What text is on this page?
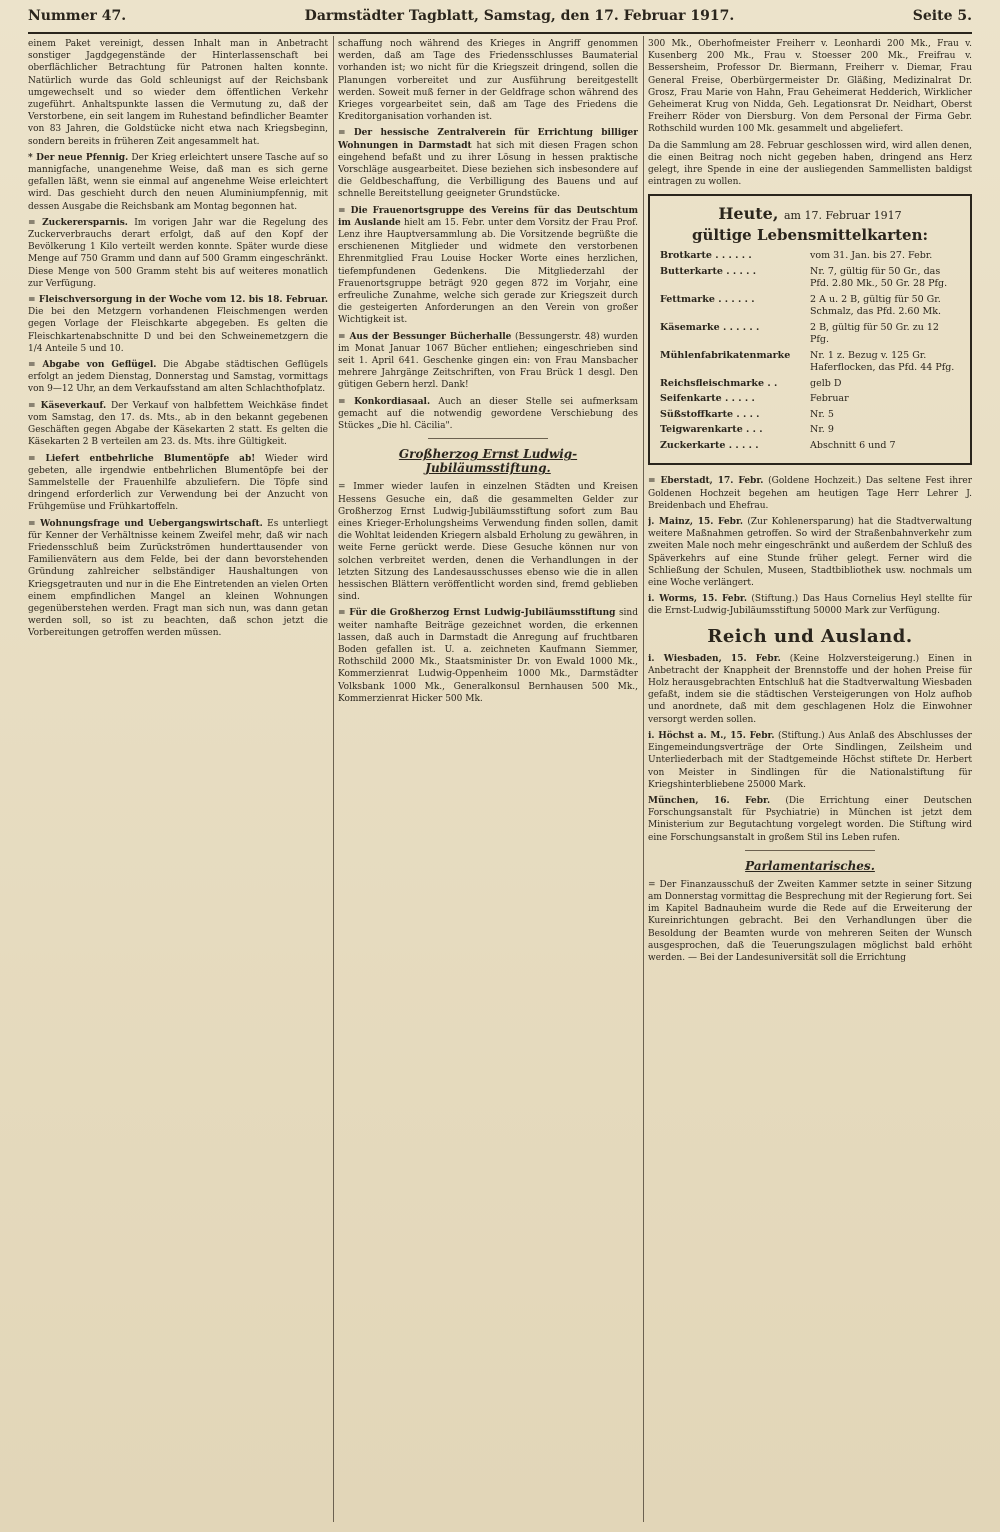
Nummer 47.	Darmstädter Tagblatt, Samstag, den 17. Februar 1917.	Seite 5.

einem Paket vereinigt, dessen Inhalt man in Anbetracht sonstiger Jagdgegenstände der Hinterlassenschaft bei oberflächlicher Betrachtung für Patronen halten konnte. Natürlich wurde das Gold schleunigst auf der Reichsbank umgewechselt und so wieder dem öffentlichen Verkehr zugeführt. Anhaltspunkte lassen die Vermutung zu, daß der Verstorbene, ein seit langem im Ruhestand befindlicher Beamter von 83 Jahren, die Goldstücke nicht etwa nach Kriegsbeginn, sondern bereits in früheren Zeit angesammelt hat.

* Der neue Pfennig. Der Krieg erleichtert unsere Tasche auf so mannigfache, unangenehme Weise, daß man es sich gerne gefallen läßt, wenn sie einmal auf angenehme Weise erleichtert wird. Das geschieht durch den neuen Aluminiumpfennig, mit dessen Ausgabe die Reichsbank am Montag begonnen hat.

= Zuckerersparnis. Im vorigen Jahr war die Regelung des Zuckerverbrauchs derart erfolgt, daß auf den Kopf der Bevölkerung 1 Kilo verteilt werden konnte. Später wurde diese Menge auf 750 Gramm und dann auf 500 Gramm eingeschränkt. Diese Menge von 500 Gramm steht bis auf weiteres monatlich zur Verfügung.

= Fleischversorgung in der Woche vom 12. bis 18. Februar. Die bei den Metzgern vorhandenen Fleischmengen werden gegen Vorlage der Fleischkarte abgegeben. Es gelten die Fleischkartenabschnitte D und bei den Schweinemetzgern die 1/4 Anteile 5 und 10.

= Abgabe von Geflügel. Die Abgabe städtischen Geflügels erfolgt an jedem Dienstag, Donnerstag und Samstag, vormittags von 9—12 Uhr, an dem Verkaufsstand am alten Schlachthofplatz.

= Käseverkauf. Der Verkauf von halbfettem Weichkäse findet vom Samstag, den 17. ds. Mts., ab in den bekannt gegebenen Geschäften gegen Abgabe der Käsekarten 2 statt. Es gelten die Käsekarten 2 B verteilen am 23. ds. Mts. ihre Gültigkeit.

= Liefert entbehrliche Blumentöpfe ab! Wieder wird gebeten, alle irgendwie entbehrlichen Blumentöpfe bei der Sammelstelle der Frauenhilfe abzuliefern. Die Töpfe sind dringend erforderlich zur Verwendung bei der Anzucht von Frühgemüse und Frühkartoffeln.

= Wohnungsfrage und Uebergangswirtschaft. Es unterliegt für Kenner der Verhältnisse keinem Zweifel mehr, daß wir nach Friedensschluß beim Zurückströmen hunderttausender von Familienvätern aus dem Felde, bei der dann bevorstehenden Gründung zahlreicher selbständiger Haushaltungen von Kriegsgetrauten und nur in die Ehe Eintretenden an vielen Orten einem empfindlichen Mangel an kleinen Wohnungen gegenüberstehen werden. Fragt man sich nun, was dann getan werden soll, so ist zu beachten, daß schon jetzt die Vorbereitungen getroffen werden müssen.

schaffung noch während des Krieges in Angriff genommen werden, daß am Tage des Friedensschlusses Baumaterial vorhanden ist; wo nicht für die Kriegszeit dringend, sollen die Planungen vorbereitet und zur Ausführung bereitgestellt werden. Soweit muß ferner in der Geldfrage schon während des Krieges vorgearbeitet sein, daß am Tage des Friedens die Kreditorganisation vorhanden ist.

= Der hessische Zentralverein für Errichtung billiger Wohnungen in Darmstadt hat sich mit diesen Fragen schon eingehend befaßt und zu ihrer Lösung in hessen praktische Vorschläge ausgearbeitet. Diese beziehen sich insbesondere auf die Geldbeschaffung, die Verbilligung des Bauens und auf schnelle Bereitstellung geeigneter Grundstücke.

= Die Frauenortsgruppe des Vereins für das Deutschtum im Auslande hielt am 15. Febr. unter dem Vorsitz der Frau Prof. Lenz ihre Hauptversammlung ab. Die Vorsitzende begrüßte die erschienenen Mitglieder und widmete den verstorbenen Ehrenmitglied Frau Louise Hocker Worte eines herzlichen, tiefempfundenen Gedenkens. Die Mitgliederzahl der Frauenortsgruppe beträgt 920 gegen 872 im Vorjahr, eine erfreuliche Zunahme, welche sich gerade zur Kriegszeit durch die gesteigerten Anforderungen an den Verein von großer Wichtigkeit ist.

= Aus der Bessunger Bücherhalle (Bessungerstr. 48) wurden im Monat Januar 1067 Bücher entliehen; eingeschrieben sind seit 1. April 641. Geschenke gingen ein: von Frau Mansbacher mehrere Jahrgänge Zeitschriften, von Frau Brück 1 desgl. Den gütigen Gebern herzl. Dank!

= Konkordiasaal. Auch an dieser Stelle sei aufmerksam gemacht auf die notwendig gewordene Verschiebung des Stückes „Die hl. Cäcilia".

Großherzog Ernst Ludwig-Jubiläumsstiftung.

= Immer wieder laufen in einzelnen Städten und Kreisen Hessens Gesuche ein, daß die gesammelten Gelder zur Großherzog Ernst Ludwig-Jubiläumsstiftung sofort zum Bau eines Krieger-Erholungsheims Verwendung finden sollen, damit die Wohltat leidenden Kriegern alsbald Erholung zu gewähren, in weite Ferne gerückt werde. Diese Gesuche können nur von solchen verbreitet werden, denen die Verhandlungen in der letzten Sitzung des Landesausschusses ebenso wie die in allen hessischen Blättern veröffentlicht worden sind, fremd geblieben sind.

= Für die Großherzog Ernst Ludwig-Jubiläumsstiftung sind weiter namhafte Beiträge gezeichnet worden, die erkennen lassen, daß auch in Darmstadt die Anregung auf fruchtbaren Boden gefallen ist. U. a. zeichneten Kaufmann Siemmer, Rothschild 2000 Mk., Staatsminister Dr. von Ewald 1000 Mk., Kommerzienrat Ludwig-Oppenheim 1000 Mk., Darmstädter Volksbank 1000 Mk., Generalkonsul Bernhausen 500 Mk., Kommerzienrat Hicker 500 Mk.

300 Mk., Oberhofmeister Freiherr v. Leonhardi 200 Mk., Frau v. Kusenberg 200 Mk., Frau v. Stoesser 200 Mk., Freifrau v. Bessersheim, Professor Dr. Biermann, Freiherr v. Diemar, Frau General Freise, Oberbürgermeister Dr. Gläßing, Medizinalrat Dr. Grosz, Frau Marie von Hahn, Frau Geheimerat Hedderich, Wirklicher Geheimerat Krug von Nidda, Geh. Legationsrat Dr. Neidhart, Oberst Freiherr Röder von Diersburg. Von dem Personal der Firma Gebr. Rothschild wurden 100 Mk. gesammelt und abgeliefert.

Da die Sammlung am 28. Februar geschlossen wird, wird allen denen, die einen Beitrag noch nicht gegeben haben, dringend ans Herz gelegt, ihre Spende in eine der ausliegenden Sammellisten baldigst eintragen zu wollen.

Heute, am 17. Februar 1917
gültige Lebensmittelkarten:
Brotkarte . . . . . .	vom 31. Jan. bis 27. Febr.
Butterkarte . . . . .	Nr. 7, gültig für 50 Gr., das Pfd. 2.80 Mk., 50 Gr. 28 Pfg.
Fettmarke . . . . . .	2 A u. 2 B, gültig für 50 Gr. Schmalz, das Pfd. 2.60 Mk.
Käsemarke . . . . . .	2 B, gültig für 50 Gr. zu 12 Pfg.
Mühlenfabrikatenmarke	Nr. 1 z. Bezug v. 125 Gr. Haferflocken, das Pfd. 44 Pfg.
Reichsfleischmarke . .	gelb D
Seifenkarte . . . . .	Februar
Süßstoffkarte . . . .	Nr. 5
Teigwarenkarte . . .	Nr. 9
Zuckerkarte . . . . .	Abschnitt 6 und 7

= Eberstadt, 17. Febr. (Goldene Hochzeit.) Das seltene Fest ihrer Goldenen Hochzeit begehen am heutigen Tage Herr Lehrer J. Breidenbach und Ehefrau.

j. Mainz, 15. Febr. (Zur Kohlenersparung) hat die Stadtverwaltung weitere Maßnahmen getroffen. So wird der Straßenbahnverkehr zum zweiten Male noch mehr eingeschränkt und außerdem der Schluß des Späverkehrs auf eine Stunde früher gelegt. Ferner wird die Schließung der Schulen, Museen, Stadtbibliothek usw. nochmals um eine Woche verlängert.

i. Worms, 15. Febr. (Stiftung.) Das Haus Cornelius Heyl stellte für die Ernst-Ludwig-Jubiläumsstiftung 50000 Mark zur Verfügung.

Reich und Ausland.

i. Wiesbaden, 15. Febr. (Keine Holzversteigerung.) Einen in Anbetracht der Knappheit der Brennstoffe und der hohen Preise für Holz herausgebrachten Entschluß hat die Stadtverwaltung Wiesbaden gefaßt, indem sie die städtischen Versteigerungen von Holz aufhob und anordnete, daß mit dem geschlagenen Holz die Einwohner versorgt werden sollen.

i. Höchst a. M., 15. Febr. (Stiftung.) Aus Anlaß des Abschlusses der Eingemeindungsverträge der Orte Sindlingen, Zeilsheim und Unterliederbach mit der Stadtgemeinde Höchst stiftete Dr. Herbert von Meister in Sindlingen für die Nationalstiftung für Kriegshinterbliebene 25000 Mark.

München, 16. Febr. (Die Errichtung einer Deutschen Forschungsanstalt für Psychiatrie) in München ist jetzt dem Ministerium zur Begutachtung vorgelegt worden. Die Stiftung wird eine Forschungsanstalt in großem Stil ins Leben rufen.

Parlamentarisches.

= Der Finanzausschuß der Zweiten Kammer setzte in seiner Sitzung am Donnerstag vormittag die Besprechung mit der Regierung fort. Sei im Kapitel Badnauheim wurde die Rede auf die Erweiterung der Kureinrichtungen gebracht. Bei den Verhandlungen über die Besoldung der Beamten wurde von mehreren Seiten der Wunsch ausgesprochen, daß die Teuerungszulagen möglichst bald erhöht werden. — Bei der Landesuniversität soll die Errichtung
